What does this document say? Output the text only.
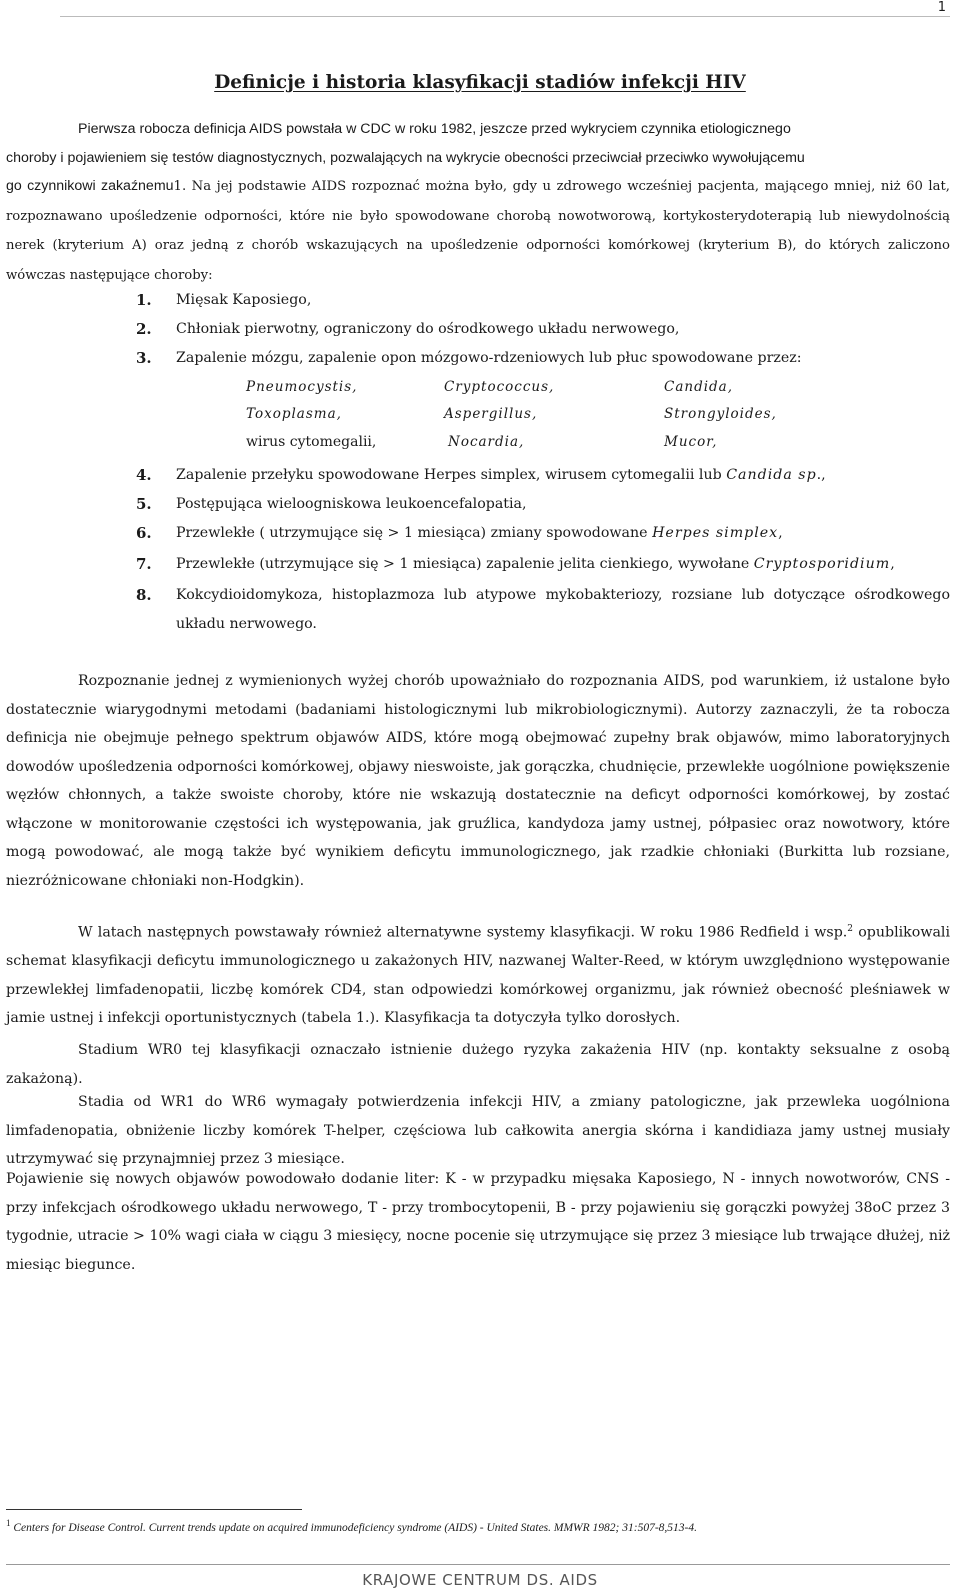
1
Definicje i historia klasyfikacji stadiów infekcji HIV

Pierwsza robocza definicja AIDS powstała w CDC w roku 1982, jeszcze przed wykryciem czynnika etiologicznego
choroby i pojawieniem się testów diagnostycznych, pozwalających na wykrycie obecności przeciwciał przeciwko wywołującemu
go czynnikowi zakaźnemu1. Na jej podstawie AIDS rozpoznać można było, gdy u zdrowego wcześniej pacjenta, mającego mniej, niż 60 lat, rozpoznawano upośledzenie odporności, które nie było spowodowane chorobą nowotworową, kortykosterydoterapią lub niewydolnością nerek (kryterium A) oraz jedną z chorób wskazujących na upośledzenie odporności komórkowej (kryterium B), do których zaliczono wówczas następujące choroby:

1. Mięsak Kaposiego,
2. Chłoniak pierwotny, ograniczony do ośrodkowego układu nerwowego,
3. Zapalenie mózgu, zapalenie opon mózgowo-rdzeniowych lub płuc spowodowane przez:
Pneumocystis,	Cryptococcus,	Candida,
Toxoplasma,	Aspergillus,	Strongyloides,
wirus cytomegalii,	Nocardia,	Mucor,
4. Zapalenie przełyku spowodowane Herpes simplex, wirusem cytomegalii lub Candida sp.,
5. Postępująca wieloogniskowa leukoencefalopatia,
6. Przewlekłe ( utrzymujące się > 1 miesiąca) zmiany spowodowane Herpes simplex,
7. Przewlekłe (utrzymujące się > 1 miesiąca) zapalenie jelita cienkiego, wywołane Cryptosporidium,
8. Kokcydioidomykoza, histoplazmoza lub atypowe mykobakteriozy, rozsiane lub dotyczące ośrodkowego układu nerwowego.

Rozpoznanie jednej z wymienionych wyżej chorób upoważniało do rozpoznania AIDS, pod warunkiem, iż ustalone było dostatecznie wiarygodnymi metodami (badaniami histologicznymi lub mikrobiologicznymi). Autorzy zaznaczyli, że ta robocza definicja nie obejmuje pełnego spektrum objawów AIDS, które mogą obejmować zupełny brak objawów, mimo laboratoryjnych dowodów upośledzenia odporności komórkowej, objawy nieswoiste, jak gorączka, chudnięcie, przewlekłe uogólnione powiększenie węzłów chłonnych, a także swoiste choroby, które nie wskazują dostatecznie na deficyt odporności komórkowej, by zostać włączone w monitorowanie częstości ich występowania, jak gruźlica, kandydoza jamy ustnej, półpasiec oraz nowotwory, które mogą powodować, ale mogą także być wynikiem deficytu immunologicznego, jak rzadkie chłoniaki (Burkitta lub rozsiane, niezróżnicowane chłoniaki non-Hodgkin).

W latach następnych powstawały również alternatywne systemy klasyfikacji. W roku 1986 Redfield i wsp.$^2$ opublikowali schemat klasyfikacji deficytu immunologicznego u zakażonych HIV, nazwanej Walter-Reed, w którym uwzględniono występowanie przewlekłej limfadenopatii, liczbę komórek CD4, stan odpowiedzi komórkowej organizmu, jak również obecność pleśniawek w jamie ustnej i infekcji oportunistycznych (tabela 1.). Klasyfikacja ta dotyczyła tylko dorosłych.

Stadium WR0 tej klasyfikacji oznaczało istnienie dużego ryzyka zakażenia HIV (np. kontakty seksualne z osobą zakażoną).

Stadia od WR1 do WR6 wymagały potwierdzenia infekcji HIV, a zmiany patologiczne, jak przewleka uogólniona limfadenopatia, obniżenie liczby komórek T-helper, częściowa lub całkowita anergia skórna i kandidiaza jamy ustnej musiały utrzymywać się przynajmniej przez 3 miesiące.

Pojawienie się nowych objawów powodowało dodanie liter: K - w przypadku mięsaka Kaposiego, N - innych nowotworów, CNS - przy infekcjach ośrodkowego układu nerwowego, T - przy trombocytopenii, B - przy pojawieniu się gorączki powyżej 38oC przez 3 tygodnie, utracie > 10% wagi ciała w ciągu 3 miesięcy, nocne pocenie się utrzymujące się przez 3 miesiące lub trwające dłużej, niż miesiąc biegunce.

$^1$ Centers for Disease Control. Current trends update on acquired immunodeficiency syndrome (AIDS) - United States. MMWR 1982; 31:507-8,513-4.
KRAJOWE CENTRUM DS. AIDS
